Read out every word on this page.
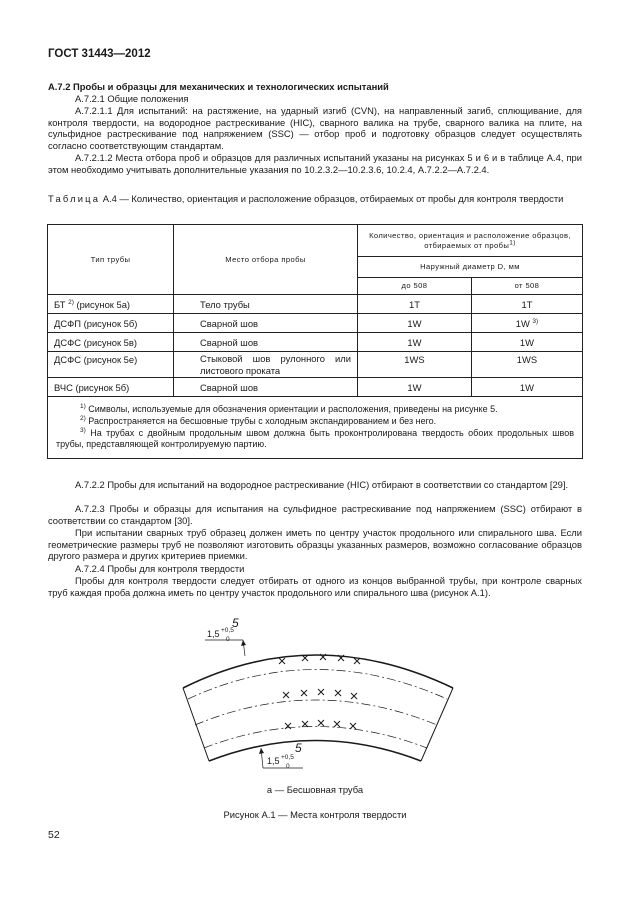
ГОСТ 31443—2012
А.7.2 Пробы и образцы для механических и технологических испытаний
А.7.2.1 Общие положения
А.7.2.1.1 Для испытаний: на растяжение, на ударный изгиб (CVN), на направленный загиб, сплющивание, для контроля твердости, на водородное растрескивание (HIC), сварного валика на трубе, сварного валика на плите, на сульфидное растрескивание под напряжением (SSC) — отбор проб и подготовку образцов следует осуществлять согласно соответствующим стандартам.
А.7.2.1.2 Места отбора проб и образцов для различных испытаний указаны на рисунках 5 и 6 и в таблице А.4, при этом необходимо учитывать дополнительные указания по 10.2.3.2—10.2.3.6, 10.2.4, А.7.2.2—А.7.2.4.
Таблица А.4 — Количество, ориентация и расположение образцов, отбираемых от пробы для контроля твердости
Тип трубы	Место отбора пробы	Количество, ориентация и расположение образцов, отбираемых от пробы$^{1)}$
		Наружный диаметр D, мм	
		до 508	от 508
БТ $^{2)}$ (рисунок 5а)	Тело трубы	1T	1T
ДСФП (рисунок 5б)	Сварной шов	1W	1W $^{3)}$
ДСФС (рисунок 5в)	Сварной шов	1W	1W
ДСФС (рисунок 5е)	Стыковой шов рулонного или листового проката	1WS	1WS
ВЧС (рисунок 5б)	Сварной шов	1W	1W

$^{1)}$ Символы, используемые для обозначения ориентации и расположения, приведены на рисунке 5.
$^{2)}$ Распространяется на бесшовные трубы с холодным экспандированием и без него.
$^{3)}$ На трубах с двойным продольным швом должна быть проконтролирована твердость обоих продольных швов трубы, представляющей контролируемую партию.			
А.7.2.2 Пробы для испытаний на водородное растрескивание (HIC) отбирают в соответствии со стандартом [29].
А.7.2.3 Пробы и образцы для испытания на сульфидное растрескивание под напряжением (SSC) отбирают в соответствии со стандартом [30].
При испытании сварных труб образец должен иметь по центру участок продольного или спирального шва. Если геометрические размеры труб не позволяют изготовить образцы указанных размеров, возможно согласование образцов другого размера и других критериев приемки.
А.7.2.4 Пробы для контроля твердости
Пробы для контроля твердости следует отбирать от одного из концов выбранной трубы, при контроле сварных труб каждая проба должна иметь по центру участок продольного или спирального шва (рисунок А.1).
5
1,5 +0,5
0
5
1,5 +0,5
0
а — Бесшовная труба
Рисунок А.1 — Места контроля твердости
52
